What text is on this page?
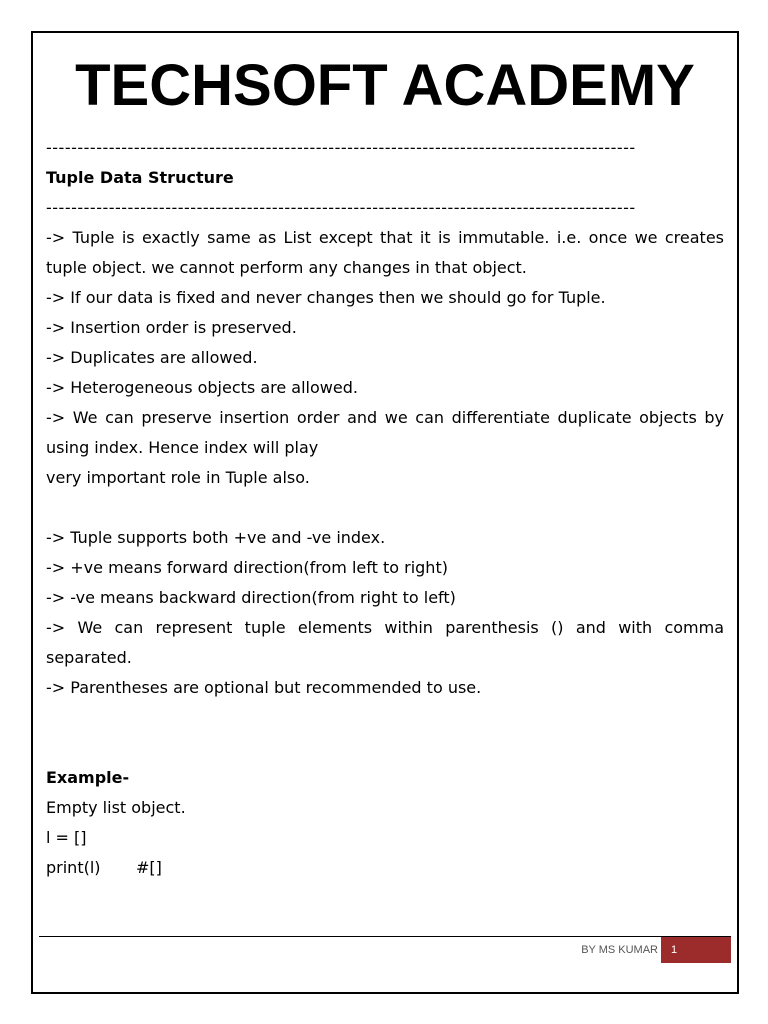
TECHSOFT ACADEMY
----------------------------------------------------------------------------------------------
Tuple Data Structure
----------------------------------------------------------------------------------------------
-> Tuple is exactly same as List except that it is immutable. i.e. once we creates
tuple object. we cannot perform any changes in that object.
-> If our data is fixed and never changes then we should go for Tuple.
-> Insertion order is preserved.
-> Duplicates are allowed.
-> Heterogeneous objects are allowed.
-> We can preserve insertion order and we can differentiate duplicate objects by
using index. Hence index will play
very important role in Tuple also.
-> Tuple supports both +ve and -ve index.
-> +ve means forward direction(from left to right)
-> -ve means backward direction(from right to left)
-> We can represent tuple elements within parenthesis () and with comma
separated.
-> Parentheses are optional but recommended to use.
Example-
Empty list object.
l = []
print(l) #[]
BY MS KUMAR	1
